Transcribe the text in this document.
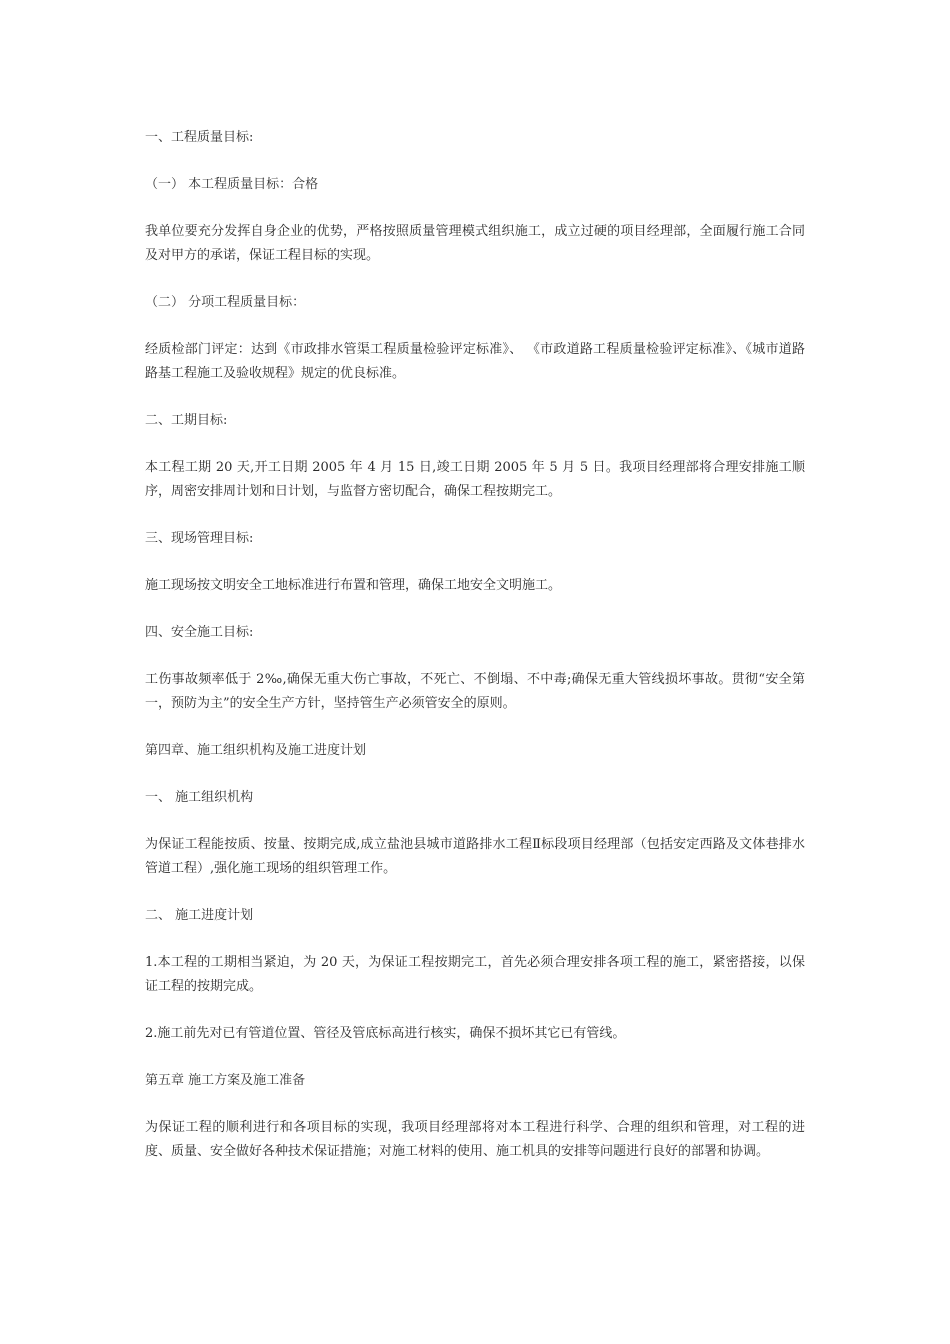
一、工程质量目标:

（一） 本工程质量目标：合格

我单位要充分发挥自身企业的优势，严格按照质量管理模式组织施工，成立过硬的项目经理部，全面履行施工合同及对甲方的承诺，保证工程目标的实现。

（二） 分项工程质量目标：

经质检部门评定：达到《市政排水管渠工程质量检验评定标准》、 《市政道路工程质量检验评定标准》、《城市道路路基工程施工及验收规程》规定的优良标准。

二、工期目标:

本工程工期 20 天,开工日期 2005 年 4 月 15 日,竣工日期 2005 年 5 月 5 日。我项目经理部将合理安排施工顺序，周密安排周计划和日计划，与监督方密切配合，确保工程按期完工。

三、现场管理目标:

施工现场按文明安全工地标准进行布置和管理，确保工地安全文明施工。

四、安全施工目标:

工伤事故频率低于 2‰,确保无重大伤亡事故，不死亡、不倒塌、不中毒;确保无重大管线损坏事故。贯彻“安全第一，预防为主”的安全生产方针，坚持管生产必须管安全的原则。

第四章、施工组织机构及施工进度计划

一、 施工组织机构

为保证工程能按质、按量、按期完成,成立盐池县城市道路排水工程Ⅱ标段项目经理部（包括安定西路及文体巷排水管道工程）,强化施工现场的组织管理工作。

二、 施工进度计划

1.本工程的工期相当紧迫，为 20 天，为保证工程按期完工，首先必须合理安排各项工程的施工，紧密搭接，以保证工程的按期完成。

2.施工前先对已有管道位置、管径及管底标高进行核实，确保不损坏其它已有管线。

第五章 施工方案及施工准备

为保证工程的顺利进行和各项目标的实现，我项目经理部将对本工程进行科学、合理的组织和管理，对工程的进度、质量、安全做好各种技术保证措施；对施工材料的使用、施工机具的安排等问题进行良好的部署和协调。
